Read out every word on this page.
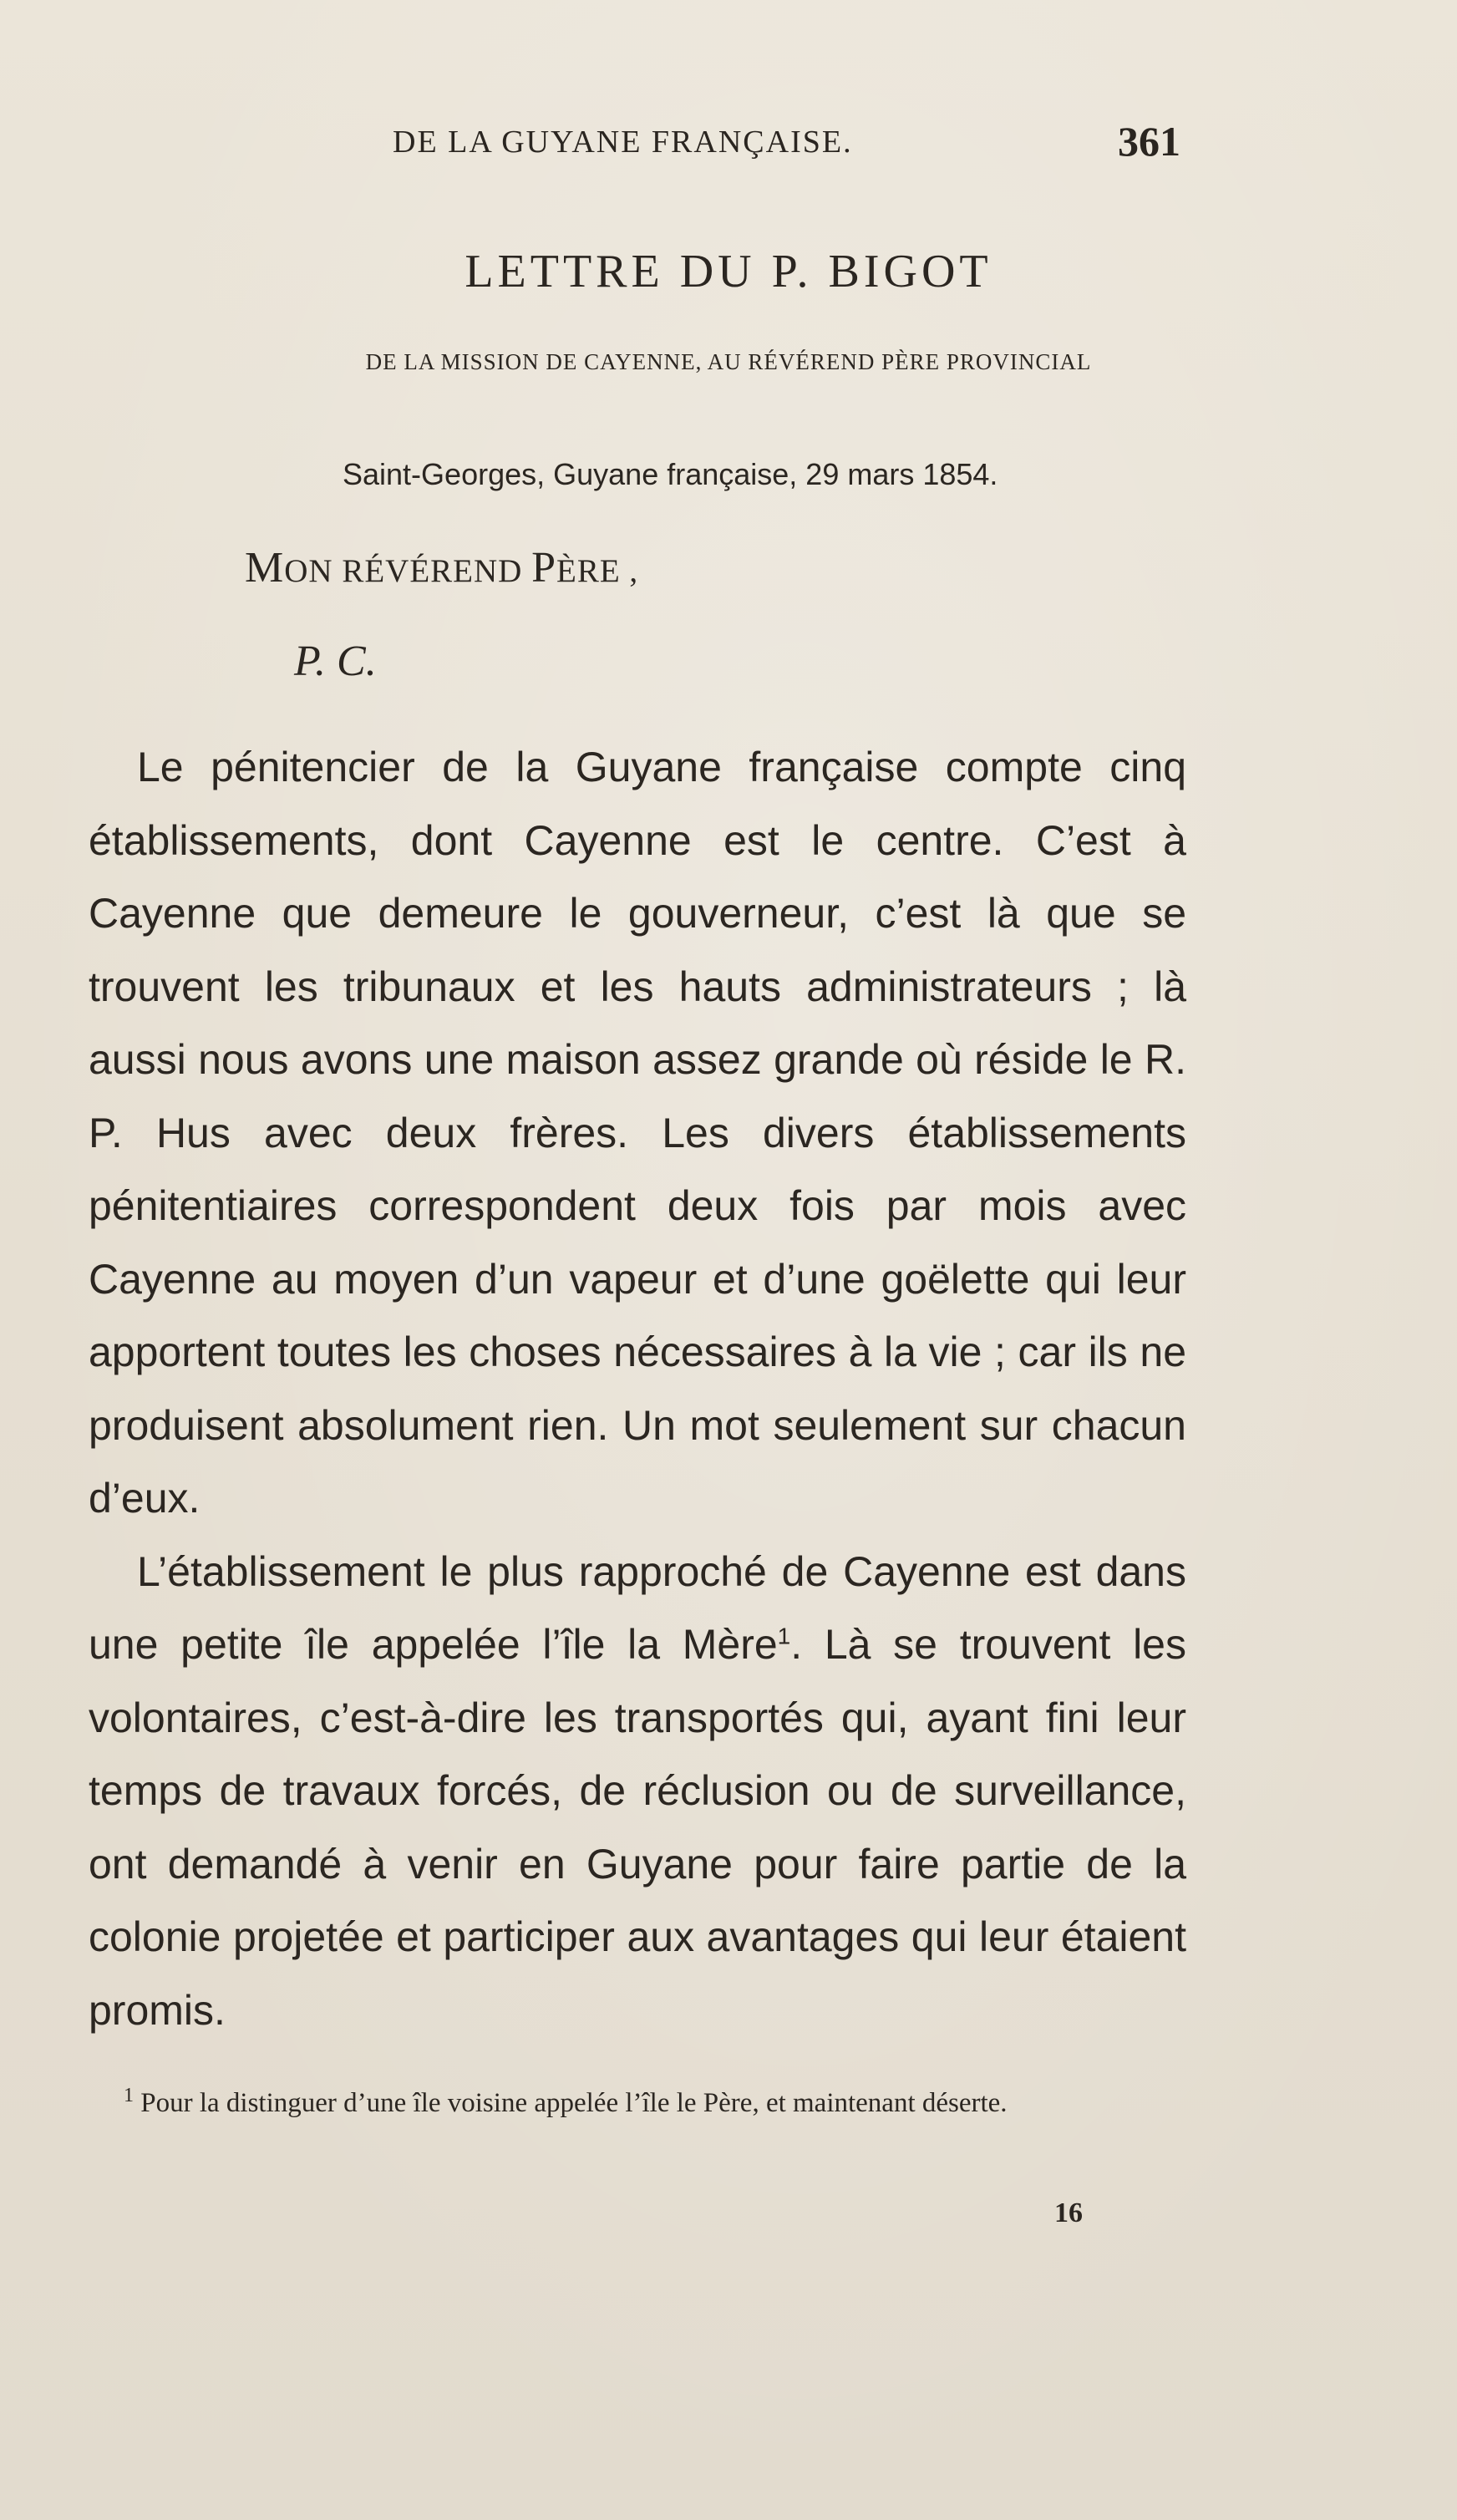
DE LA GUYANE FRANÇAISE.	361
LETTRE DU P. BIGOT
DE LA MISSION DE CAYENNE, AU RÉVÉREND PÈRE PROVINCIAL
Saint-Georges, Guyane française, 29 mars 1854.
MON RÉVÉREND PÈRE ,
P. C.

Le pénitencier de la Guyane française compte cinq établissements, dont Cayenne est le centre. C’est à Cayenne que demeure le gouverneur, c’est là que se trouvent les tribunaux et les hauts administrateurs ; là aussi nous avons une maison assez grande où réside le R. P. Hus avec deux frères. Les divers établissements pénitentiaires correspondent deux fois par mois avec Cayenne au moyen d’un vapeur et d’une goëlette qui leur apportent toutes les choses nécessaires à la vie ; car ils ne produisent absolument rien. Un mot seulement sur chacun d’eux.

L’établissement le plus rapproché de Cayenne est dans une petite île appelée l’île la Mère$^1$. Là se trouvent les volontaires, c’est-à-dire les transportés qui, ayant fini leur temps de travaux forcés, de réclusion ou de surveillance, ont demandé à venir en Guyane pour faire partie de la colonie projetée et participer aux avantages qui leur étaient promis.

$^1$ Pour la distinguer d’une île voisine appelée l’île le Père, et maintenant déserte.
16
